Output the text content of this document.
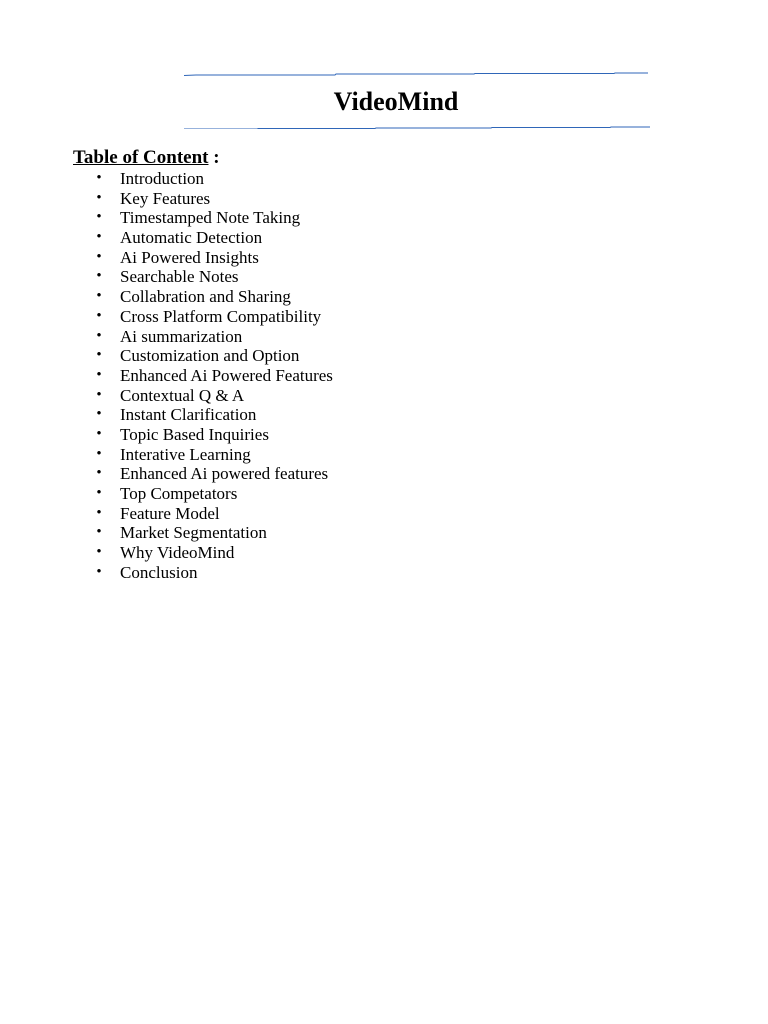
VideoMind

Table of Content :

• Introduction
• Key Features
• Timestamped Note Taking
• Automatic Detection
• Ai Powered Insights
• Searchable Notes
• Collabration and Sharing
• Cross Platform Compatibility
• Ai summarization
• Customization and Option
• Enhanced Ai Powered Features
• Contextual Q & A
• Instant Clarification
• Topic Based Inquiries
• Interative Learning
• Enhanced Ai powered features
• Top Competators
• Feature Model
• Market Segmentation
• Why VideoMind
• Conclusion
